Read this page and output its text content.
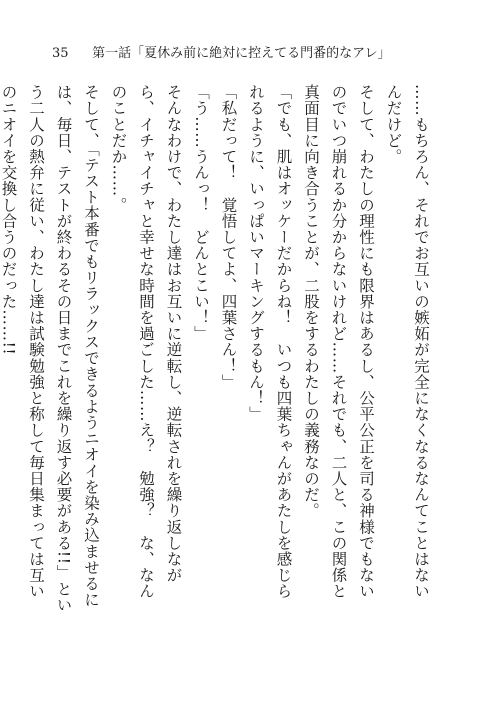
35 第一話「夏休み前に絶対に控えてる門番的なアレ」

……もちろん、それでお互いの嫉妬が完全になくなるなんてことはないんだけど。

そして、わたしの理性にも限界はあるし、公平公正を司る神様でもないのでいつ崩れるか分からないけれど……それでも、二人と、この関係と真面目に向き合うことが、二股をするわたしの義務なのだ。

「でも、肌はオッケーだからね！　いつも四葉ちゃんがあたしを感じられるように、いっぱいマーキングするもん！」

「私だって！　覚悟してよ、四葉さん！」

「う……うんっ！　どんとこい！」

そんなわけで、わたし達はお互いに逆転し、逆転されを繰り返しながら、イチャイチャと幸せな時間を過ごした……え？　勉強？　な、なんのことだか……。

そして、「テスト本番でもリラックスできるようニオイを染み込ませるには、毎日、テストが終わるその日までこれを繰り返す必要がある!!」という二人の熱弁に従い、わたし達は試験勉強と称して毎日集まっては互いのニオイを交換し合うのだった……!!
